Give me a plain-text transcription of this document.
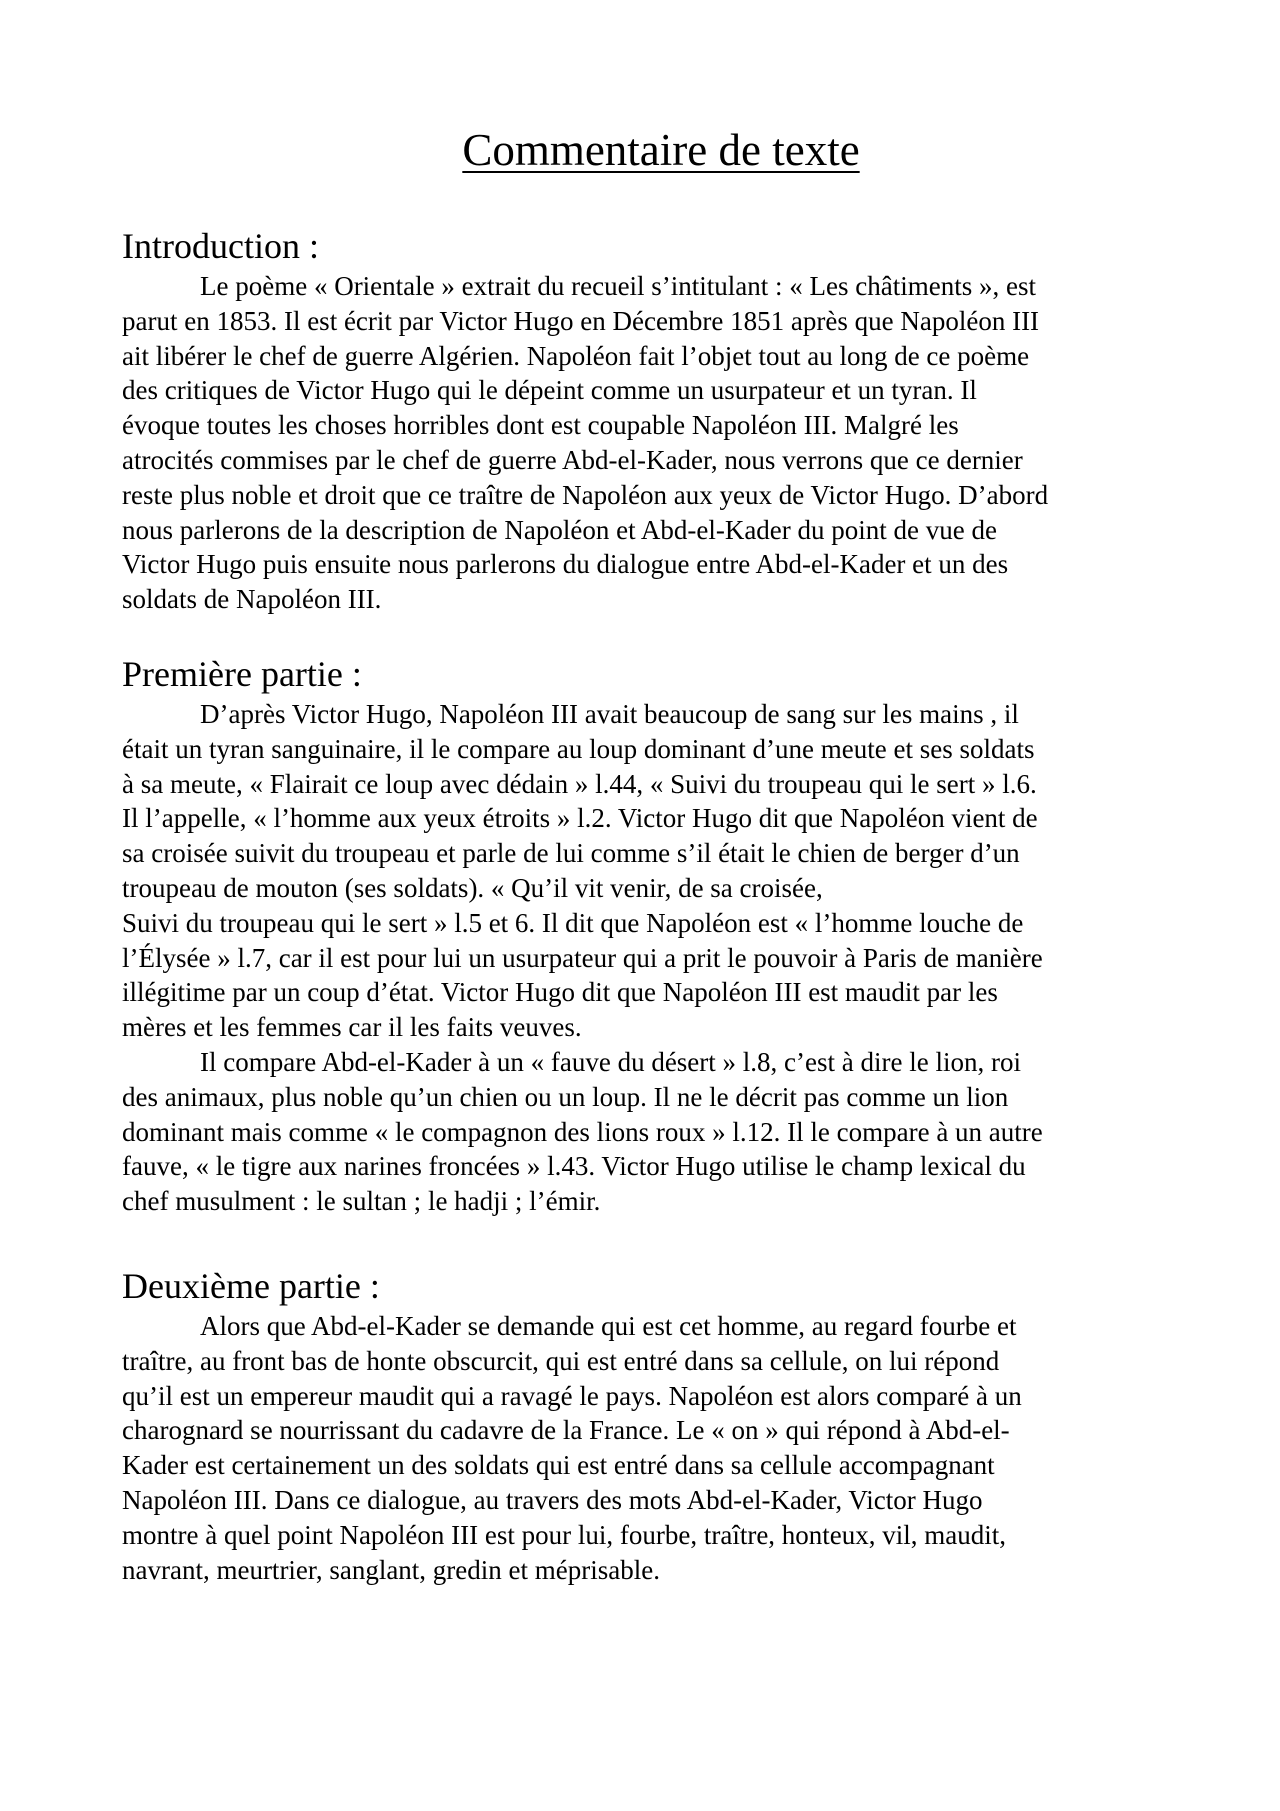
Commentaire de texte
Introduction :

Le poème « Orientale » extrait du recueil s’intitulant : « Les châtiments », est
parut en 1853. Il est écrit par Victor Hugo en Décembre 1851 après que Napoléon III
ait libérer le chef de guerre Algérien. Napoléon fait l’objet tout au long de ce poème
des critiques de Victor Hugo qui le dépeint comme un usurpateur et un tyran. Il
évoque toutes les choses horribles dont est coupable Napoléon III. Malgré les
atrocités commises par le chef de guerre Abd-el-Kader, nous verrons que ce dernier
reste plus noble et droit que ce traître de Napoléon aux yeux de Victor Hugo. D’abord
nous parlerons de la description de Napoléon et Abd-el-Kader du point de vue de
Victor Hugo puis ensuite nous parlerons du dialogue entre Abd-el-Kader et un des
soldats de Napoléon III.

Première partie :

D’après Victor Hugo, Napoléon III avait beaucoup de sang sur les mains , il
était un tyran sanguinaire, il le compare au loup dominant d’une meute et ses soldats
à sa meute, « Flairait ce loup avec dédain » l.44, « Suivi du troupeau qui le sert » l.6.
Il l’appelle, « l’homme aux yeux étroits » l.2. Victor Hugo dit que Napoléon vient de
sa croisée suivit du troupeau et parle de lui comme s’il était le chien de berger d’un
troupeau de mouton (ses soldats). « Qu’il vit venir, de sa croisée,
Suivi du troupeau qui le sert » l.5 et 6. Il dit que Napoléon est « l’homme louche de
l’Élysée » l.7, car il est pour lui un usurpateur qui a prit le pouvoir à Paris de manière
illégitime par un coup d’état. Victor Hugo dit que Napoléon III est maudit par les
mères et les femmes car il les faits veuves.

Il compare Abd-el-Kader à un « fauve du désert » l.8, c’est à dire le lion, roi
des animaux, plus noble qu’un chien ou un loup. Il ne le décrit pas comme un lion
dominant mais comme « le compagnon des lions roux » l.12. Il le compare à un autre
fauve, « le tigre aux narines froncées » l.43. Victor Hugo utilise le champ lexical du
chef musulment : le sultan ; le hadji ; l’émir.

Deuxième partie :

Alors que Abd-el-Kader se demande qui est cet homme, au regard fourbe et
traître, au front bas de honte obscurcit, qui est entré dans sa cellule, on lui répond
qu’il est un empereur maudit qui a ravagé le pays. Napoléon est alors comparé à un
charognard se nourrissant du cadavre de la France. Le « on » qui répond à Abd-el-
Kader est certainement un des soldats qui est entré dans sa cellule accompagnant
Napoléon III. Dans ce dialogue, au travers des mots Abd-el-Kader, Victor Hugo
montre à quel point Napoléon III est pour lui, fourbe, traître, honteux, vil, maudit,
navrant, meurtrier, sanglant, gredin et méprisable.
